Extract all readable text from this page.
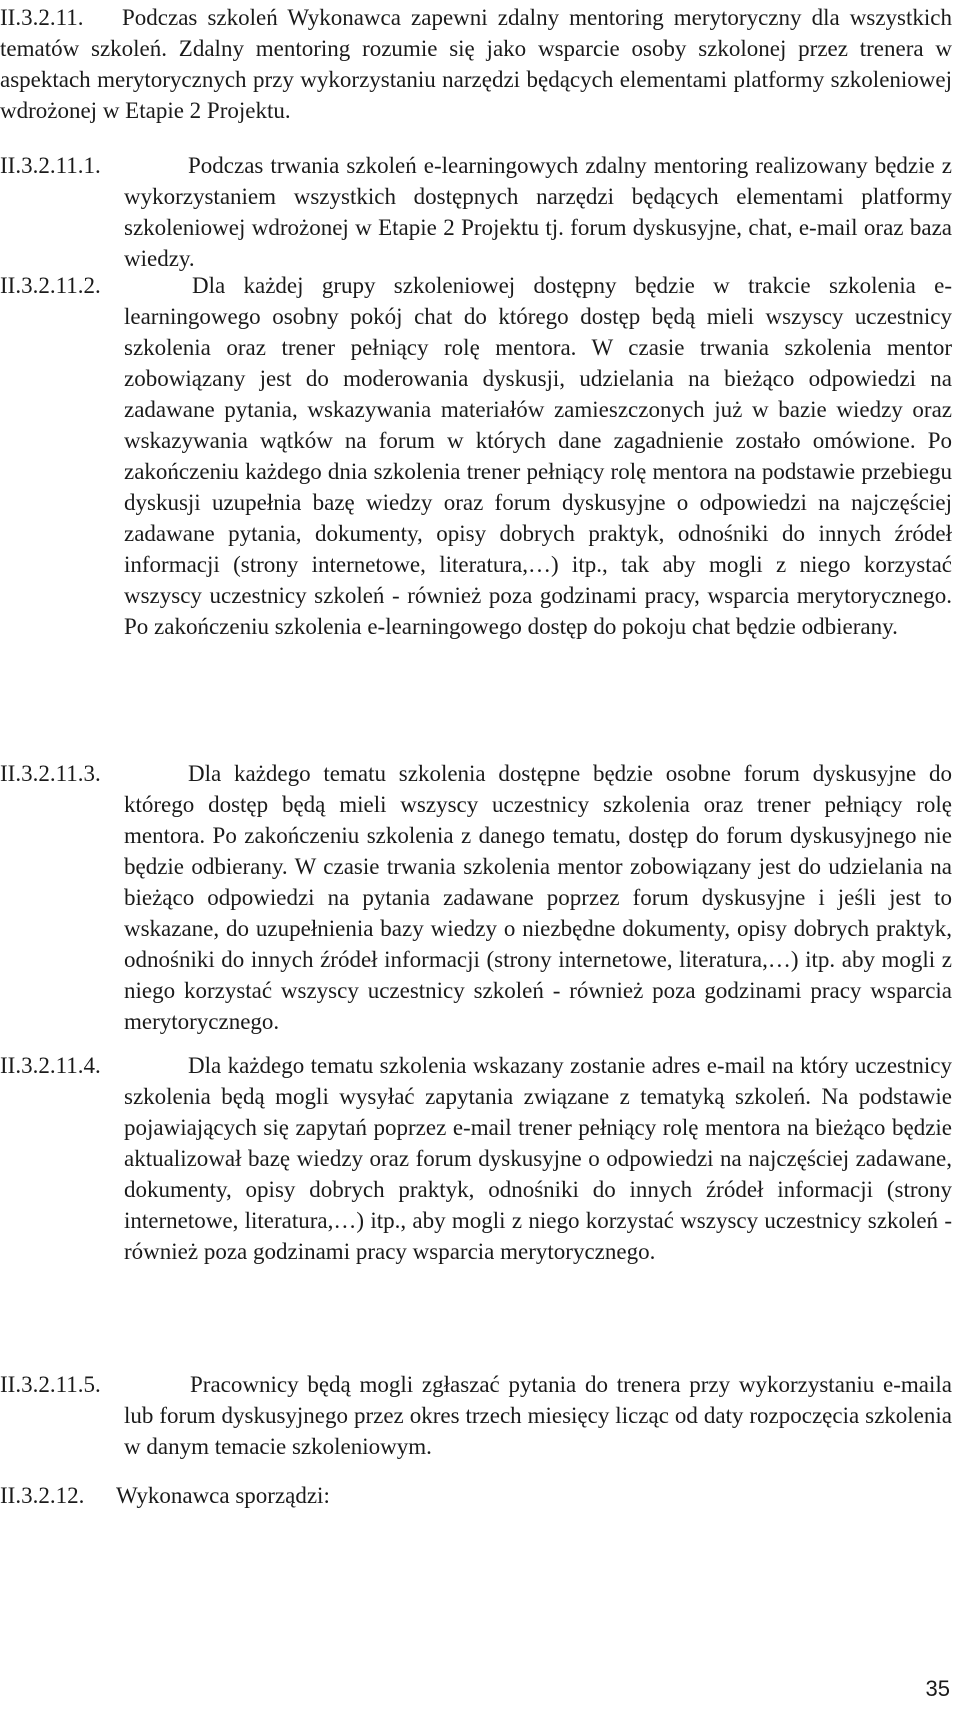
II.3.2.11.	Podczas szkoleń Wykonawca zapewni zdalny mentoring merytoryczny dla wszystkich tematów szkoleń. Zdalny mentoring rozumie się jako wsparcie osoby szkolonej przez trenera w aspektach merytorycznych przy wykorzystaniu narzędzi będących elementami platformy szkoleniowej wdrożonej w Etapie 2 Projektu.
II.3.2.11.1.	Podczas trwania szkoleń e-learningowych zdalny mentoring realizowany będzie z wykorzystaniem wszystkich dostępnych narzędzi będących elementami platformy szkoleniowej wdrożonej w Etapie 2 Projektu tj. forum dyskusyjne, chat, e-mail oraz baza wiedzy.
II.3.2.11.2.	Dla każdej grupy szkoleniowej dostępny będzie w trakcie szkolenia e-learningowego osobny pokój chat do którego dostęp będą mieli wszyscy uczestnicy szkolenia oraz trener pełniący rolę mentora. W czasie trwania szkolenia mentor zobowiązany jest do moderowania dyskusji, udzielania na bieżąco odpowiedzi na zadawane pytania, wskazywania materiałów zamieszczonych już w bazie wiedzy oraz wskazywania wątków na forum w których dane zagadnienie zostało omówione. Po zakończeniu każdego dnia szkolenia trener pełniący rolę mentora na podstawie przebiegu dyskusji uzupełnia bazę wiedzy oraz forum dyskusyjne o odpowiedzi na najczęściej zadawane pytania, dokumenty, opisy dobrych praktyk, odnośniki do innych źródeł informacji (strony internetowe, literatura,…) itp., tak aby mogli z niego korzystać wszyscy uczestnicy szkoleń - również poza godzinami pracy, wsparcia merytorycznego. Po zakończeniu szkolenia e-learningowego dostęp do pokoju chat będzie odbierany.
II.3.2.11.3.	Dla każdego tematu szkolenia dostępne będzie osobne forum dyskusyjne do którego dostęp będą mieli wszyscy uczestnicy szkolenia oraz trener pełniący rolę mentora. Po zakończeniu szkolenia z danego tematu, dostęp do forum dyskusyjnego nie będzie odbierany. W czasie trwania szkolenia mentor zobowiązany jest do udzielania na bieżąco odpowiedzi na pytania zadawane poprzez forum dyskusyjne i jeśli jest to wskazane, do uzupełnienia bazy wiedzy o niezbędne dokumenty, opisy dobrych praktyk, odnośniki do innych źródeł informacji (strony internetowe, literatura,…) itp. aby mogli z niego korzystać wszyscy uczestnicy szkoleń - również poza godzinami pracy wsparcia merytorycznego.
II.3.2.11.4.	Dla każdego tematu szkolenia wskazany zostanie adres e-mail na który uczestnicy szkolenia będą mogli wysyłać zapytania związane z tematyką szkoleń. Na podstawie pojawiających się zapytań poprzez e-mail trener pełniący rolę mentora na bieżąco będzie aktualizował bazę wiedzy oraz forum dyskusyjne o odpowiedzi na najczęściej zadawane, dokumenty, opisy dobrych praktyk, odnośniki do innych źródeł informacji (strony internetowe, literatura,…) itp., aby mogli z niego korzystać wszyscy uczestnicy szkoleń - również poza godzinami pracy wsparcia merytorycznego.
II.3.2.11.5.	Pracownicy będą mogli zgłaszać pytania do trenera przy wykorzystaniu e-maila lub forum dyskusyjnego przez okres trzech miesięcy licząc od daty rozpoczęcia szkolenia w danym temacie szkoleniowym.
II.3.2.12.	Wykonawca sporządzi:
35
